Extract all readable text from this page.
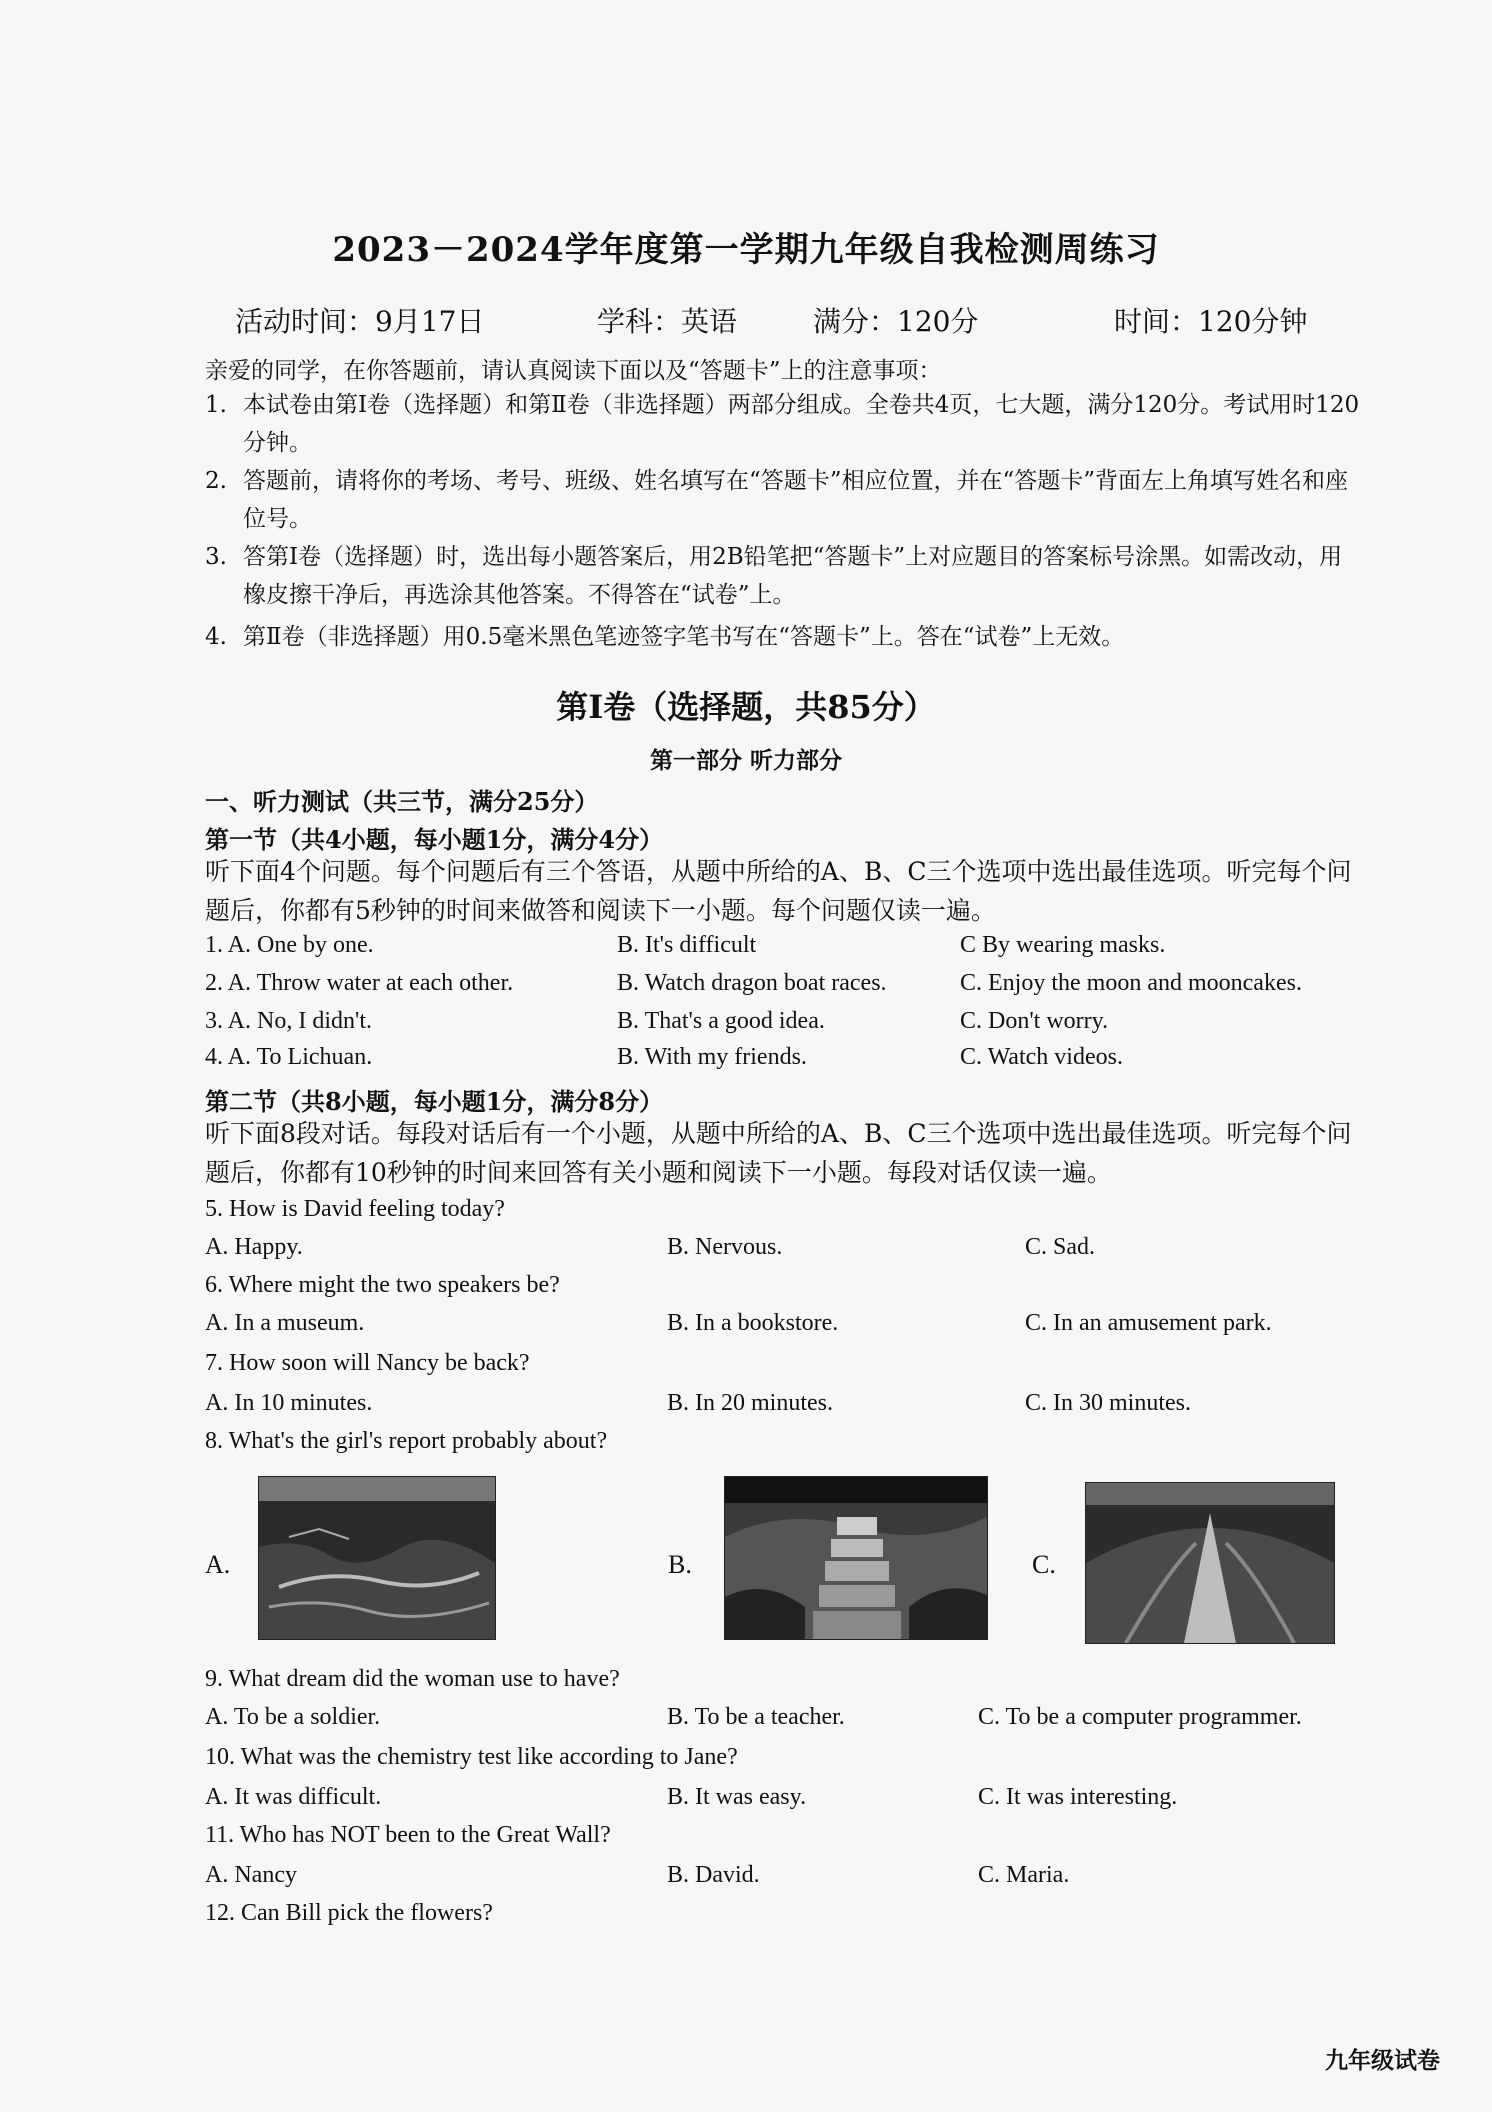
2023－2024学年度第一学期九年级自我检测周练习
活动时间：9月17日	学科：英语	满分：120分	时间：120分钟
亲爱的同学，在你答题前，请认真阅读下面以及“答题卡”上的注意事项：
1. 本试卷由第Ⅰ卷（选择题）和第Ⅱ卷（非选择题）两部分组成。全卷共4页，七大题，满分120分。考试用时120分钟。
2. 答题前，请将你的考场、考号、班级、姓名填写在“答题卡”相应位置，并在“答题卡”背面左上角填写姓名和座位号。
3. 答第Ⅰ卷（选择题）时，选出每小题答案后，用2B铅笔把“答题卡”上对应题目的答案标号涂黑。如需改动，用橡皮擦干净后，再选涂其他答案。不得答在“试卷”上。
4. 第Ⅱ卷（非选择题）用0.5毫米黑色笔迹签字笔书写在“答题卡”上。答在“试卷”上无效。
第Ⅰ卷（选择题，共85分）
第一部分 听力部分
一、听力测试（共三节，满分25分）
第一节（共4小题，每小题1分，满分4分）
听下面4个问题。每个问题后有三个答语，从题中所给的A、B、C三个选项中选出最佳选项。听完每个问题后，你都有5秒钟的时间来做答和阅读下一小题。每个问题仅读一遍。
1. A. One by one.	B. It's difficult	C By wearing masks.
2. A. Throw water at each other.	B. Watch dragon boat races.	C. Enjoy the moon and mooncakes.
3. A. No, I didn't.	B. That's a good idea.	C. Don't worry.
4. A. To Lichuan.	B. With my friends.	C. Watch videos.
第二节（共8小题，每小题1分，满分8分）
听下面8段对话。每段对话后有一个小题，从题中所给的A、B、C三个选项中选出最佳选项。听完每个问题后，你都有10秒钟的时间来回答有关小题和阅读下一小题。每段对话仅读一遍。
5. How is David feeling today?
A. Happy.	B. Nervous.	C. Sad.
6. Where might the two speakers be?
A. In a museum.	B. In a bookstore.	C. In an amusement park.
7. How soon will Nancy be back?
A. In 10 minutes.	B. In 20 minutes.	C. In 30 minutes.
8. What's the girl's report probably about?
A.	B.	C.
9. What dream did the woman use to have?
A. To be a soldier.	B. To be a teacher.	C. To be a computer programmer.
10. What was the chemistry test like according to Jane?
A. It was difficult.	B. It was easy.	C. It was interesting.
11. Who has NOT been to the Great Wall?
A. Nancy	B. David.	C. Maria.
12. Can Bill pick the flowers?
九年级试卷
